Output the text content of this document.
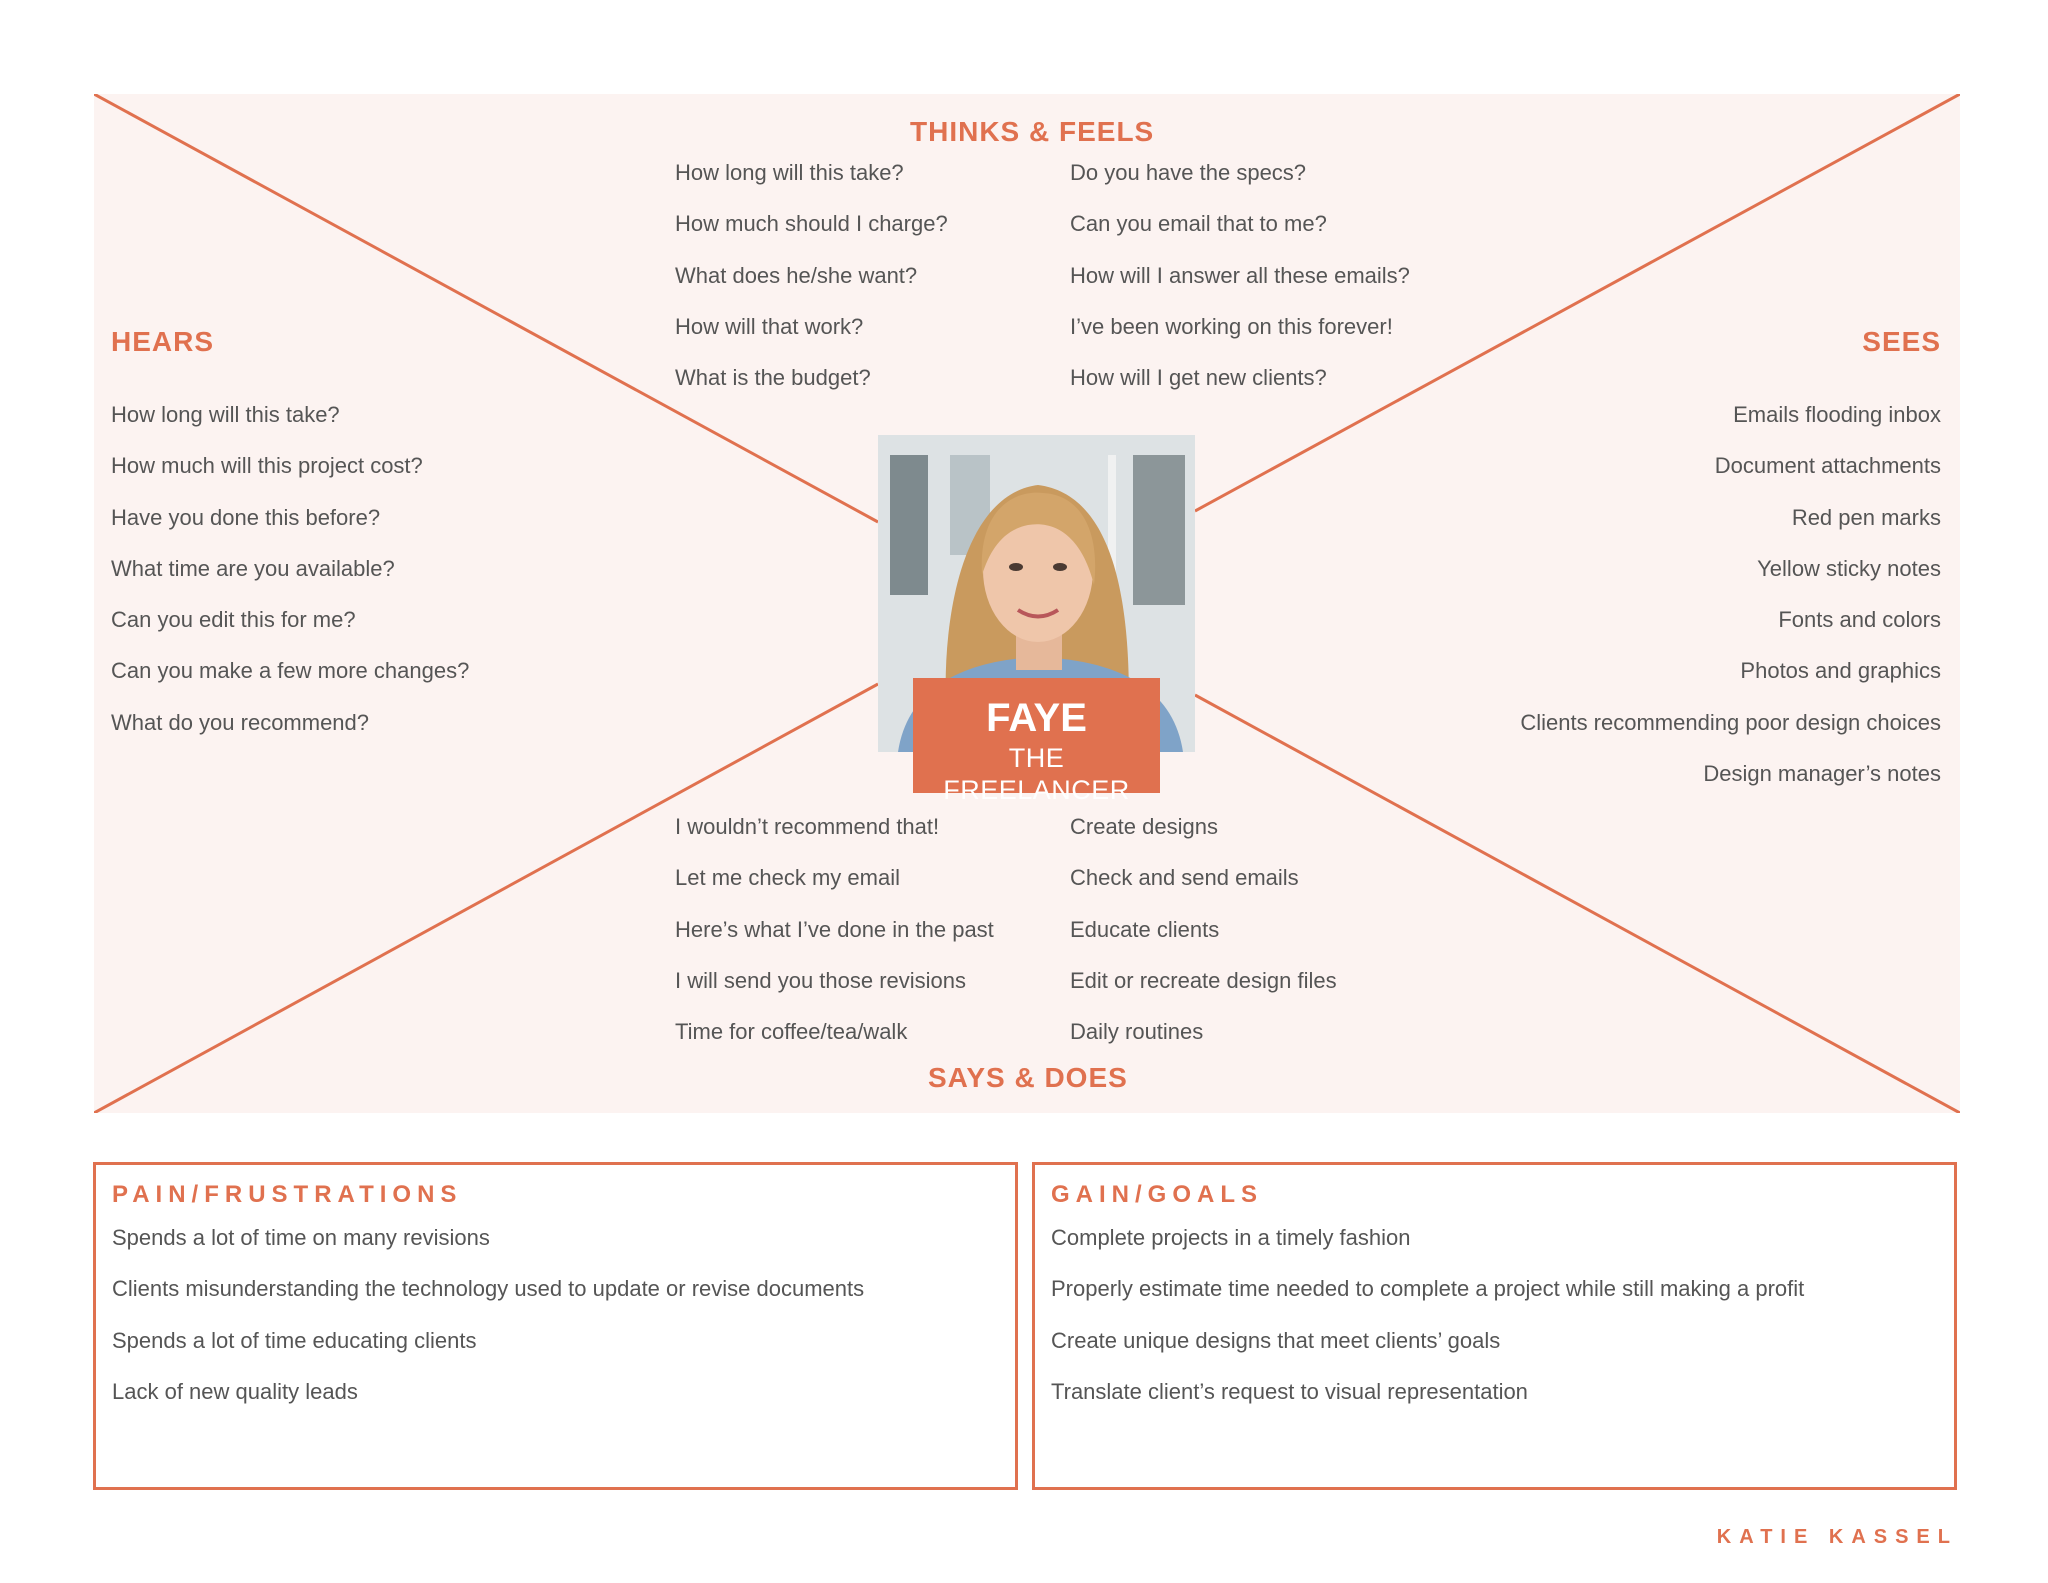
THINKS & FEELS
How long will this take?
How much should I charge?
What does he/she want?
How will that work?
What is the budget?
Do you have the specs?
Can you email that to me?
How will I answer all these emails?
I’ve been working on this forever!
How will I get new clients?
HEARS
How long will this take?
How much will this project cost?
Have you done this before?
What time are you available?
Can you edit this for me?
Can you make a few more changes?
What do you recommend?
SEES
Emails flooding inbox
Document attachments
Red pen marks
Yellow sticky notes
Fonts and colors
Photos and graphics
Clients recommending poor design choices
Design manager’s notes
FAYE
THE FREELANCER
I wouldn’t recommend that!
Let me check my email
Here’s what I’ve done in the past
I will send you those revisions
Time for coffee/tea/walk
Create designs
Check and send emails
Educate clients
Edit or recreate design files
Daily routines
SAYS & DOES
PAIN/FRUSTRATIONS
Spends a lot of time on many revisions
Clients misunderstanding the technology used to update or revise documents
Spends a lot of time educating clients
Lack of new quality leads
GAIN/GOALS
Complete projects in a timely fashion
Properly estimate time needed to complete a project while still making a profit
Create unique designs that meet clients’ goals
Translate client’s request to visual representation
KATIE KASSEL
